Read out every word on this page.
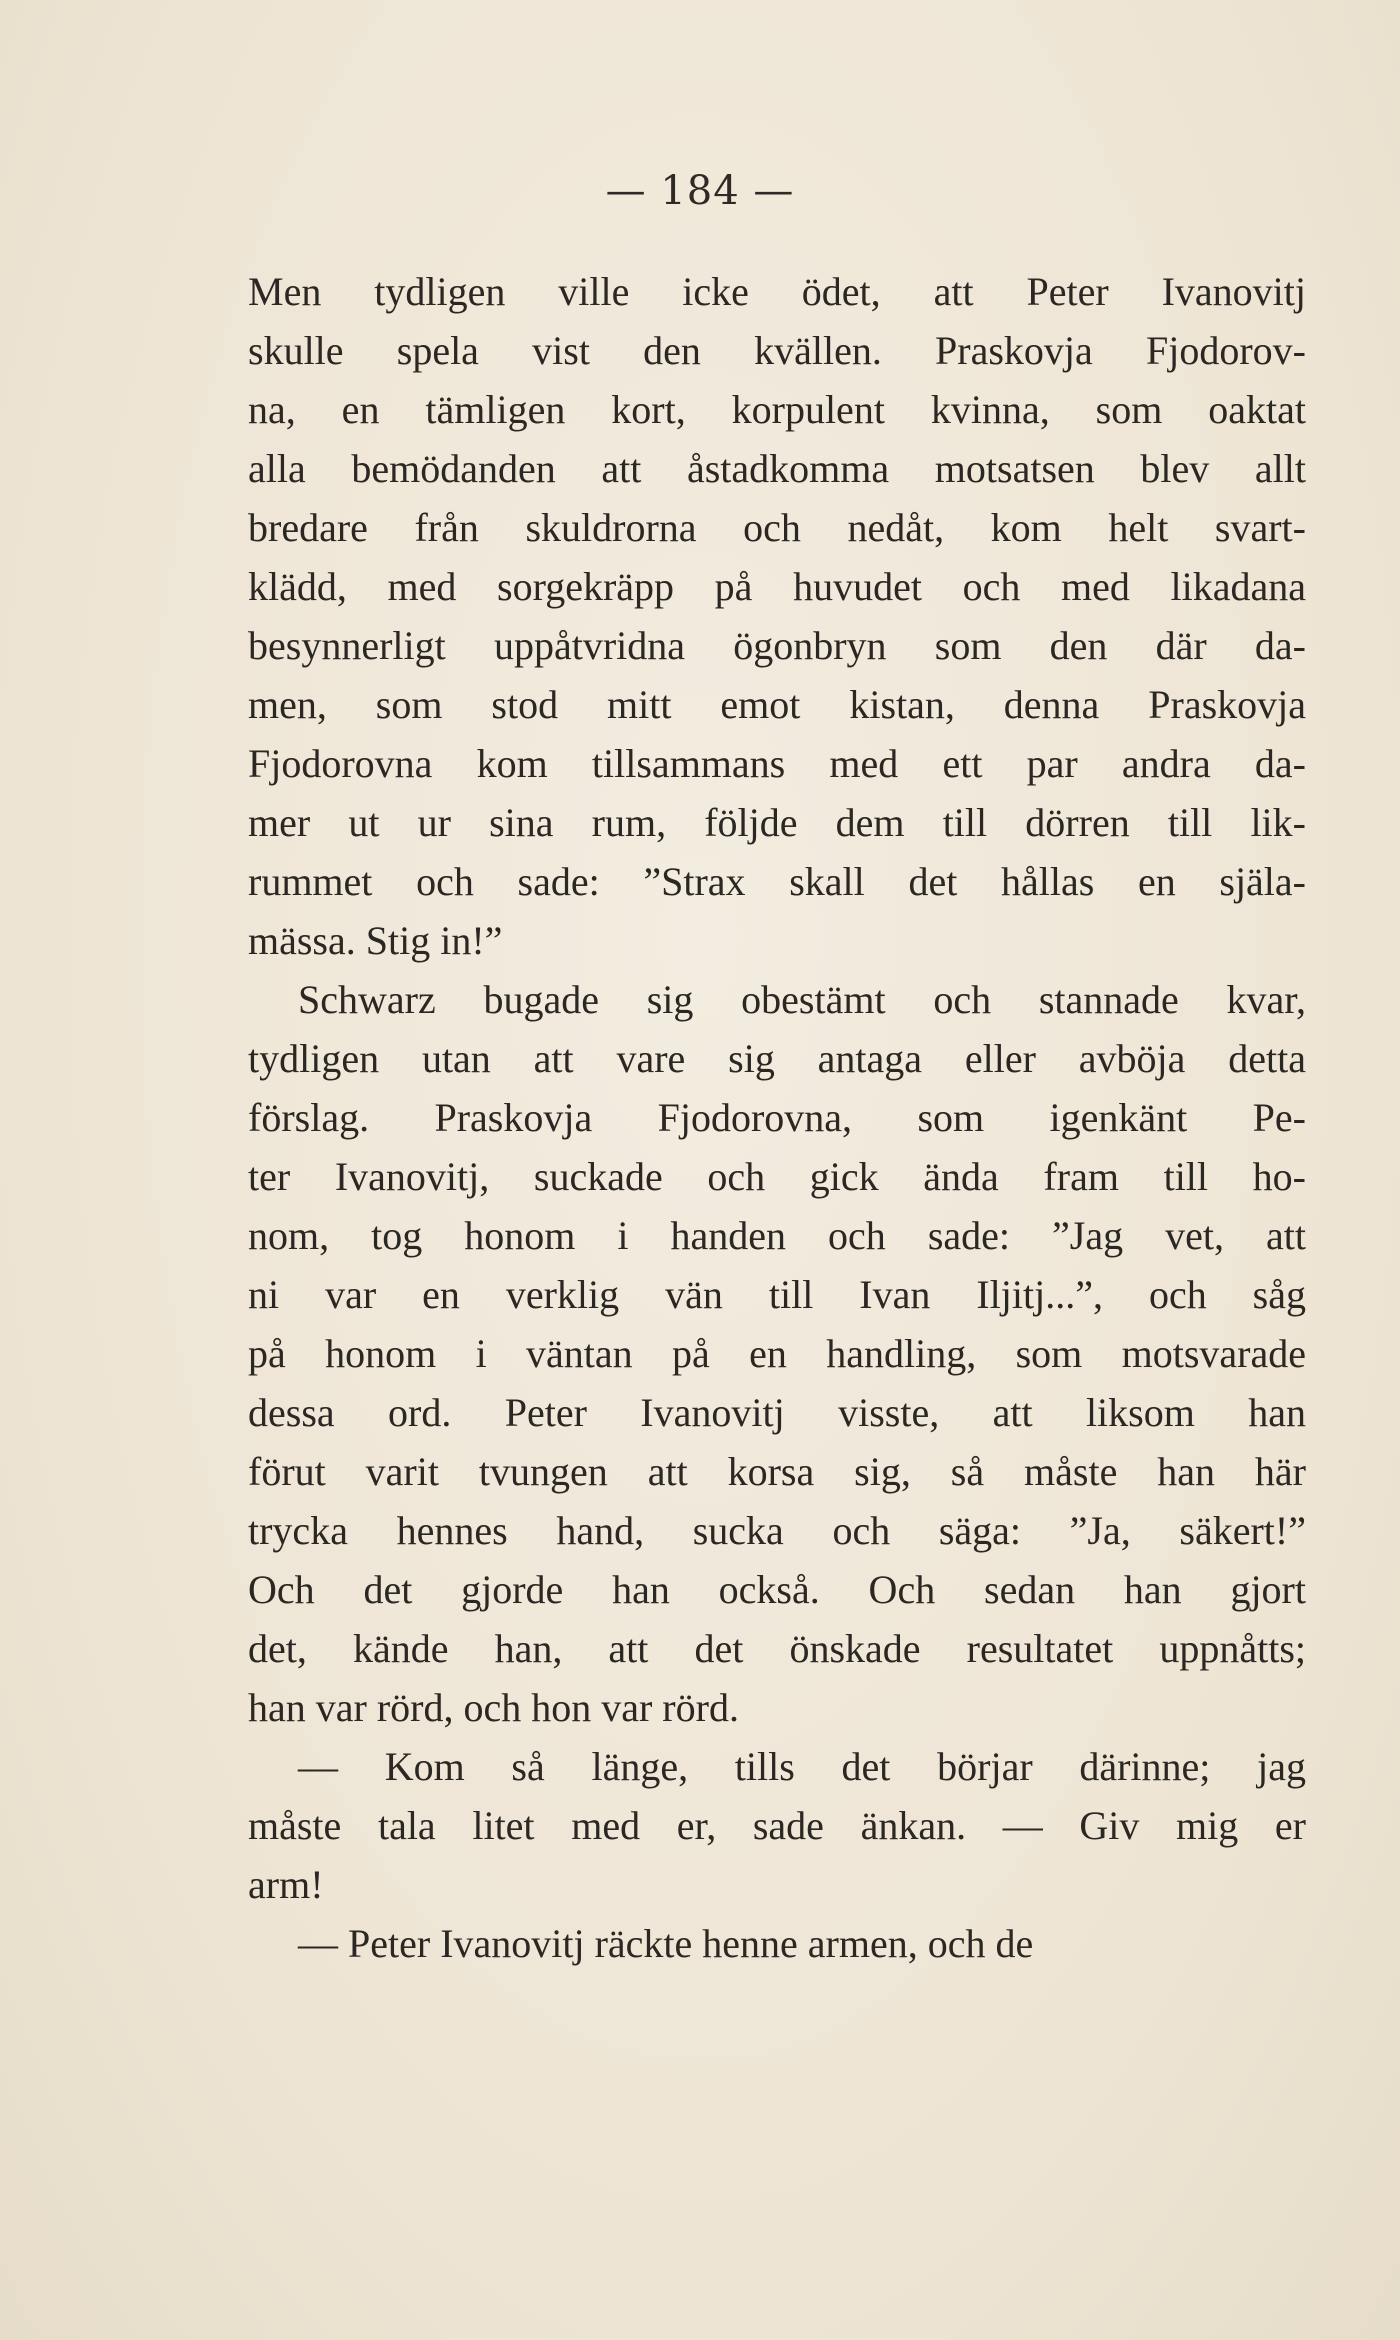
— 184 —
Men tydligen ville icke ödet, att Peter Ivanovitj
skulle spela vist den kvällen. Praskovja Fjodorov-
na, en tämligen kort, korpulent kvinna, som oaktat
alla bemödanden att åstadkomma motsatsen blev allt
bredare från skuldrorna och nedåt, kom helt svart-
klädd, med sorgekräpp på huvudet och med likadana
besynnerligt uppåtvridna ögonbryn som den där da-
men, som stod mitt emot kistan, denna Praskovja
Fjodorovna kom tillsammans med ett par andra da-
mer ut ur sina rum, följde dem till dörren till lik-
rummet och sade: ”Strax skall det hållas en själa-
mässa. Stig in!”
Schwarz bugade sig obestämt och stannade kvar,
tydligen utan att vare sig antaga eller avböja detta
förslag. Praskovja Fjodorovna, som igenkänt Pe-
ter Ivanovitj, suckade och gick ända fram till ho-
nom, tog honom i handen och sade: ”Jag vet, att
ni var en verklig vän till Ivan Iljitj...”, och såg
på honom i väntan på en handling, som motsvarade
dessa ord. Peter Ivanovitj visste, att liksom han
förut varit tvungen att korsa sig, så måste han här
trycka hennes hand, sucka och säga: ”Ja, säkert!”
Och det gjorde han också. Och sedan han gjort
det, kände han, att det önskade resultatet uppnåtts;
han var rörd, och hon var rörd.
— Kom så länge, tills det börjar därinne; jag
måste tala litet med er, sade änkan. — Giv mig er
arm!
— Peter Ivanovitj räckte henne armen, och de
